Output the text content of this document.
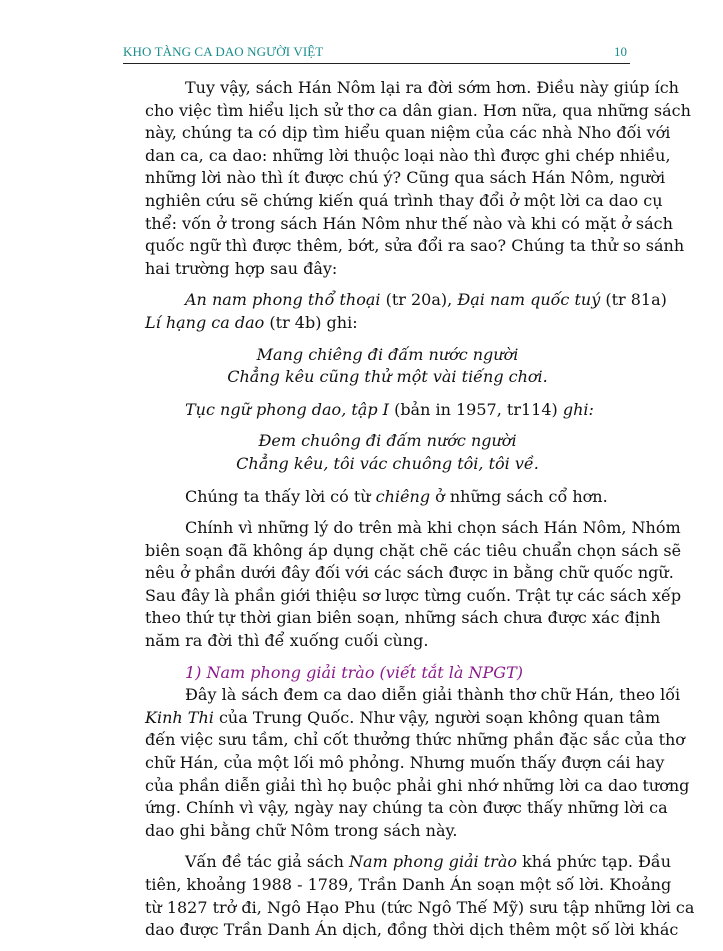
KHO TÀNG CA DAO NGƯỜI VIỆT	10
Tuy vậy, sách Hán Nôm lại ra đời sớm hơn. Điều này giúp ích
cho việc tìm hiểu lịch sử thơ ca dân gian. Hơn nữa, qua những sách
này, chúng ta có dịp tìm hiểu quan niệm của các nhà Nho đối với
dan ca, ca dao: những lời thuộc loại nào thì được ghi chép nhiều,
những lời nào thì ít được chú ý? Cũng qua sách Hán Nôm, người
nghiên cứu sẽ chứng kiến quá trình thay đổi ở một lời ca dao cụ
thể: vốn ở trong sách Hán Nôm như thế nào và khi có mặt ở sách
quốc ngữ thì được thêm, bớt, sửa đổi ra sao? Chúng ta thử so sánh
hai trường hợp sau đây:
An nam phong thổ thoại (tr 20a), Đại nam quốc tuý (tr 81a)
Lí hạng ca dao (tr 4b) ghi:
Mang chiêng đi đấm nước người
Chẳng kêu cũng thử một vài tiếng chơi.
Tục ngữ phong dao, tập I (bản in 1957, tr114) ghi:
Đem chuông đi đấm nước người
Chẳng kêu, tôi vác chuông tôi, tôi về.
Chúng ta thấy lời có từ chiêng ở những sách cổ hơn.
Chính vì những lý do trên mà khi chọn sách Hán Nôm, Nhóm
biên soạn đã không áp dụng chặt chẽ các tiêu chuẩn chọn sách sẽ
nêu ở phần dưới đây đối với các sách được in bằng chữ quốc ngữ.
Sau đây là phần giới thiệu sơ lược từng cuốn. Trật tự các sách xếp
theo thứ tự thời gian biên soạn, những sách chưa được xác định
năm ra đời thì để xuống cuối cùng.
1) Nam phong giải trào (viết tắt là NPGT)
Đây là sách đem ca dao diễn giải thành thơ chữ Hán, theo lối
Kinh Thi của Trung Quốc. Như vậy, người soạn không quan tâm
đến việc sưu tầm, chỉ cốt thưởng thức những phần đặc sắc của thơ
chữ Hán, của một lối mô phỏng. Nhưng muốn thấy đượn cái hay
của phần diễn giải thì họ buộc phải ghi nhớ những lời ca dao tương
ứng. Chính vì vậy, ngày nay chúng ta còn được thấy những lời ca
dao ghi bằng chữ Nôm trong sách này.
Vấn đề tác giả sách Nam phong giải trào khá phức tạp. Đầu
tiên, khoảng 1988 - 1789, Trần Danh Án soạn một số lời. Khoảng
từ 1827 trở đi, Ngô Hạo Phu (tức Ngô Thế Mỹ) sưu tập những lời ca
dao được Trần Danh Án dịch, đồng thời dịch thêm một số lời khác
